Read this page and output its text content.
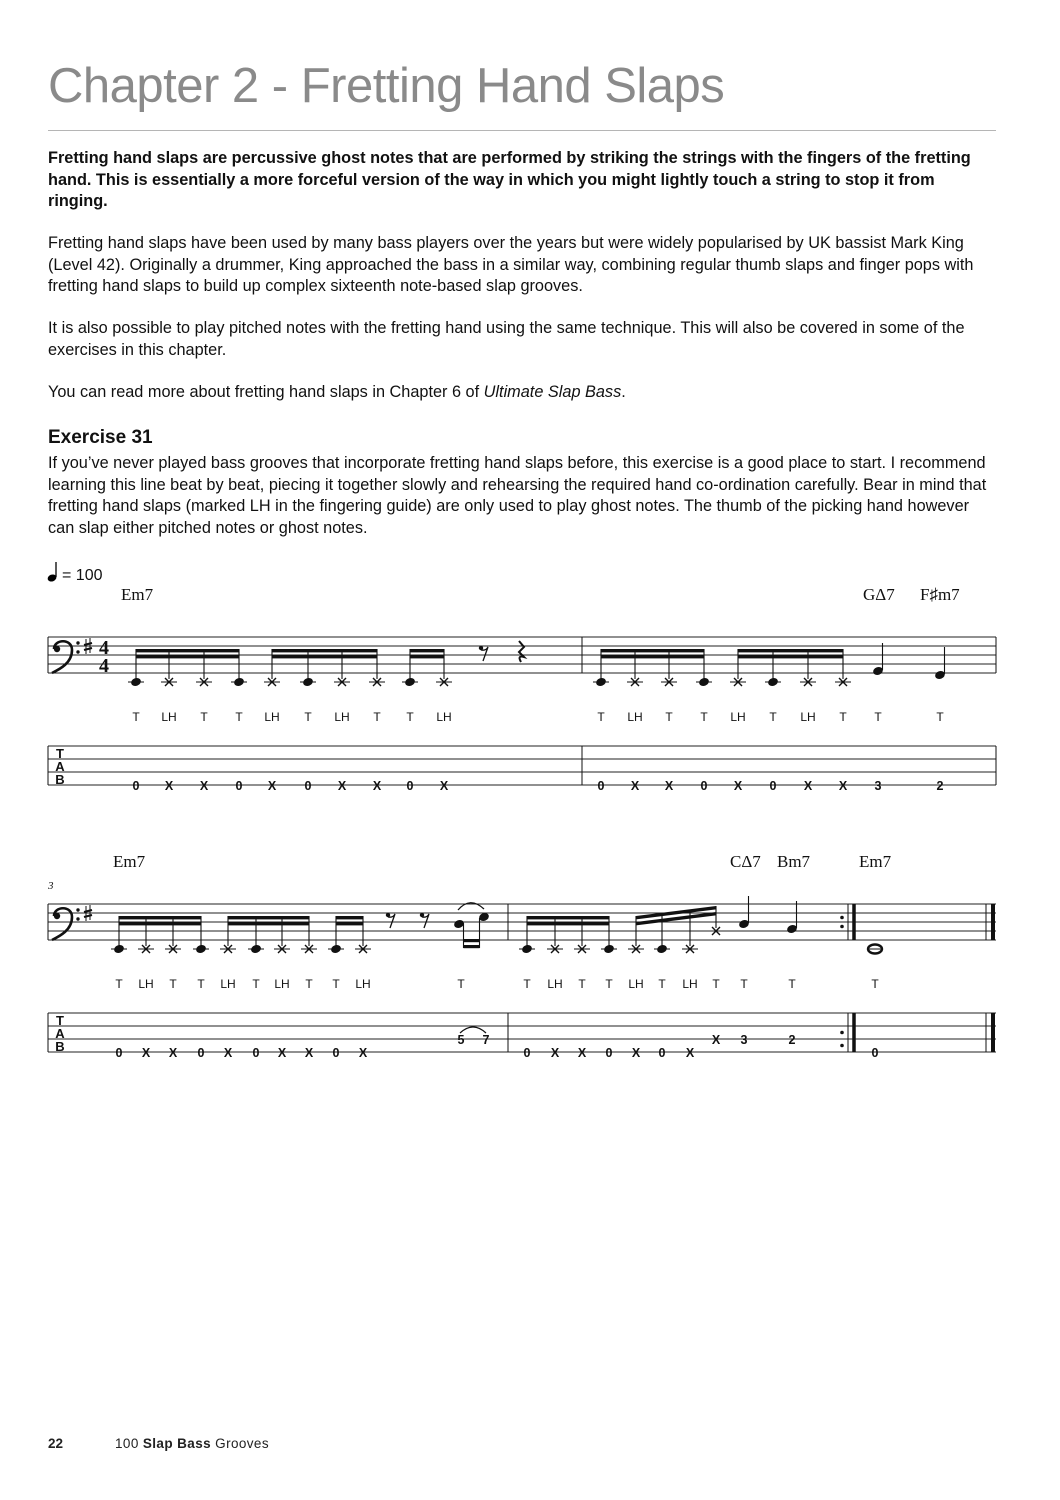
Chapter 2 - Fretting Hand Slaps

Fretting hand slaps are percussive ghost notes that are performed by striking the strings with the fingers of the fretting hand. This is essentially a more forceful version of the way in which you might lightly touch a string to stop it from ringing.

Fretting hand slaps have been used by many bass players over the years but were widely popularised by UK bassist Mark King (Level 42). Originally a drummer, King approached the bass in a similar way, combining regular thumb slaps and finger pops with fretting hand slaps to build up complex sixteenth note-based slap grooves.

It is also possible to play pitched notes with the fretting hand using the same technique. This will also be covered in some of the exercises in this chapter.

You can read more about fretting hand slaps in Chapter 6 of Ultimate Slap Bass.

Exercise 31

If you’ve never played bass grooves that incorporate fretting hand slaps before, this exercise is a good place to start. I recommend learning this line beat by beat, piecing it together slowly and rehearsing the required hand co-ordination carefully. Bear in mind that fretting hand slaps (marked LH in the fingering guide) are only used to play ghost notes. The thumb of the picking hand however can slap either pitched notes or ghost notes.

= 100
Em7	GΔ7 F♯m7
T
A
B
4
4
T LH T T LH T LH T T LH	T LH T T LH T LH T T	T
0 X X 0 X 0 X X 0 X	0 X X 0 X 0 X X 3	2
T
A
B
T LH T T LH T LH T T LH	T	T LH T T LH T LH T T	T	T
0 X X 0 X 0 X X 0 X
5 7
0 X X 0 X 0 X
X 3	2
0
Em7	CΔ7 Bm7	Em7
3
22	100 Slap Bass Grooves
